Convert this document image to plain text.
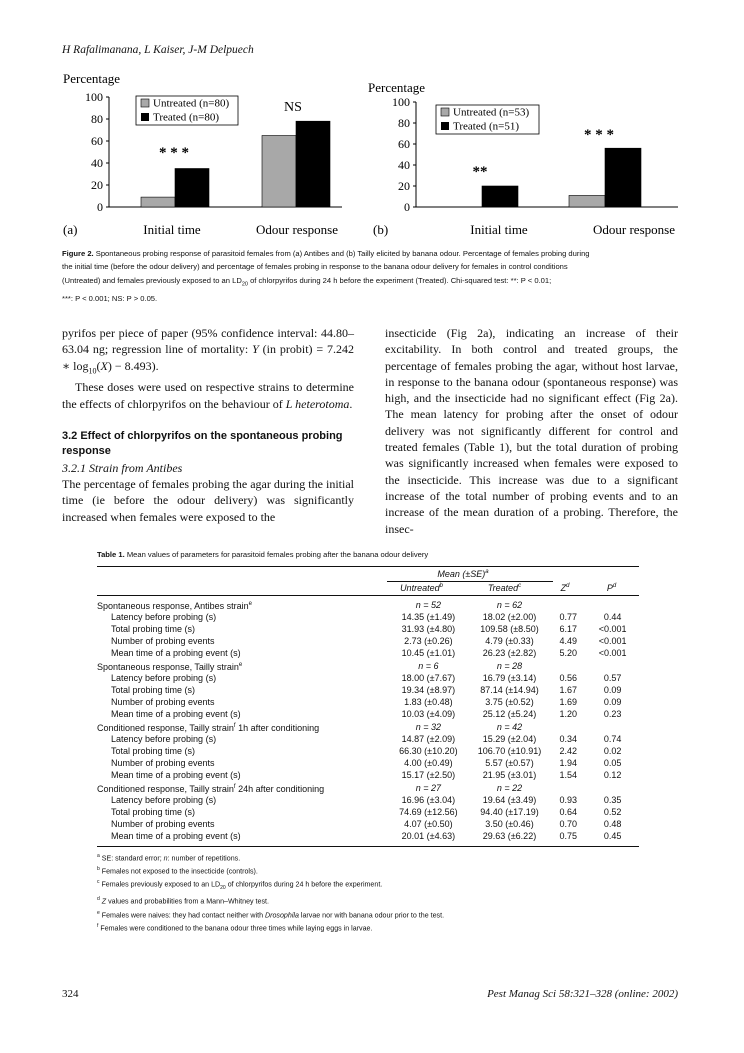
H Rafalimanana, L Kaiser, J-M Delpuech
Percentage
100
80
60
40
20
0
Initial time	Odour response
(a)
Untreated (n=80)
Treated (n=80)
* * *
NS
Percentage
100
80
60
40
20
0
Initial time	Odour response
(b)
Untreated (n=53)
Treated (n=51)
**
* * *
Figure 2. Spontaneous probing response of parasitoid females from (a) Antibes and (b) Tailly elicited by banana odour. Percentage of females probing during
the initial time (before the odour delivery) and percentage of females probing in response to the banana odour delivery for females in control conditions
(Untreated) and females previously exposed to an $LD_{20}$ of chlorpyrifos during 24 h before the experiment (Treated). Chi-squared test: **: P < 0.01;
***: P < 0.001; NS: P > 0.05.

pyrifos per piece of paper (95% confidence interval: 44.80–63.04 ng; regression line of mortality: Y (in probit) = 7.242 ∗ $\log_{10}(X) - 8.493$).

These doses were used on respective strains to determine the effects of chlorpyrifos on the behaviour of L heterotoma.

3.2 Effect of chlorpyrifos on the spontaneous probing response
3.2.1 Strain from Antibes

The percentage of females probing the agar during the initial time (ie before the odour delivery) was significantly increased when females were exposed to the

insecticide (Fig 2a), indicating an increase of their excitability. In both control and treated groups, the percentage of females probing the agar, without host larvae, in response to the banana odour (spontaneous response) was high, and the insecticide had no significant effect (Fig 2a). The mean latency for probing after the onset of odour delivery was not significantly different for control and treated females (Table 1), but the total duration of probing was significantly increased when females were exposed to the insecticide. This increase was due to a significant increase of the total number of probing events and to an increase of the mean duration of a probing. Therefore, the insec-

Table 1. Mean values of parameters for parasitoid females probing after the banana odour delivery
	Mean $(\pm SE)^a$		
	Untreated$^b$	Treated$^c$	$Z^d$	$P^d$
Spontaneous response, Antibes strain$^e$	n = 52	n = 62		
Latency before probing (s)	14.35 (±1.49)	18.02 (±2.00)	0.77	0.44
Total probing time (s)	31.93 (±4.80)	109.58 (±8.50)	6.17	<0.001
Number of probing events	2.73 (±0.26)	4.79 (±0.33)	4.49	<0.001
Mean time of a probing event (s)	10.45 (±1.01)	26.23 (±2.82)	5.20	<0.001
Spontaneous response, Tailly strain$^e$	n = 6	n = 28		
Latency before probing (s)	18.00 (±7.67)	16.79 (±3.14)	0.56	0.57
Total probing time (s)	19.34 (±8.97)	87.14 (±14.94)	1.67	0.09
Number of probing events	1.83 (±0.48)	3.75 (±0.52)	1.69	0.09
Mean time of a probing event (s)	10.03 (±4.09)	25.12 (±5.24)	1.20	0.23
Conditioned response, Tailly strain$^f$ 1h after conditioning	n = 32	n = 42		
Latency before probing (s)	14.87 (±2.09)	15.29 (±2.04)	0.34	0.74
Total probing time (s)	66.30 (±10.20)	106.70 (±10.91)	2.42	0.02
Number of probing events	4.00 (±0.49)	5.57 (±0.57)	1.94	0.05
Mean time of a probing event (s)	15.17 (±2.50)	21.95 (±3.01)	1.54	0.12
Conditioned response, Tailly strain$^f$ 24h after conditioning	n = 27	n = 22		
Latency before probing (s)	16.96 (±3.04)	19.64 (±3.49)	0.93	0.35
Total probing time (s)	74.69 (±12.56)	94.40 (±17.19)	0.64	0.52
Number of probing events	4.07 (±0.50)	3.50 (±0.46)	0.70	0.48
Mean time of a probing event (s)	20.01 (±4.63)	29.63 (±6.22)	0.75	0.45
$^a$ SE: standard error; n: number of repetitions.
$^b$ Females not exposed to the insecticide (controls).
$^c$ Females previously exposed to an $LD_{20}$ of chlorpyrifos during 24 h before the experiment.
$^d$ Z values and probabilities from a Mann–Whitney test.
$^e$ Females were naives: they had contact neither with Drosophila larvae nor with banana odour prior to the test.
$^f$ Females were conditioned to the banana odour three times while laying eggs in larvae.
324	Pest Manag Sci 58:321–328 (online: 2002)
